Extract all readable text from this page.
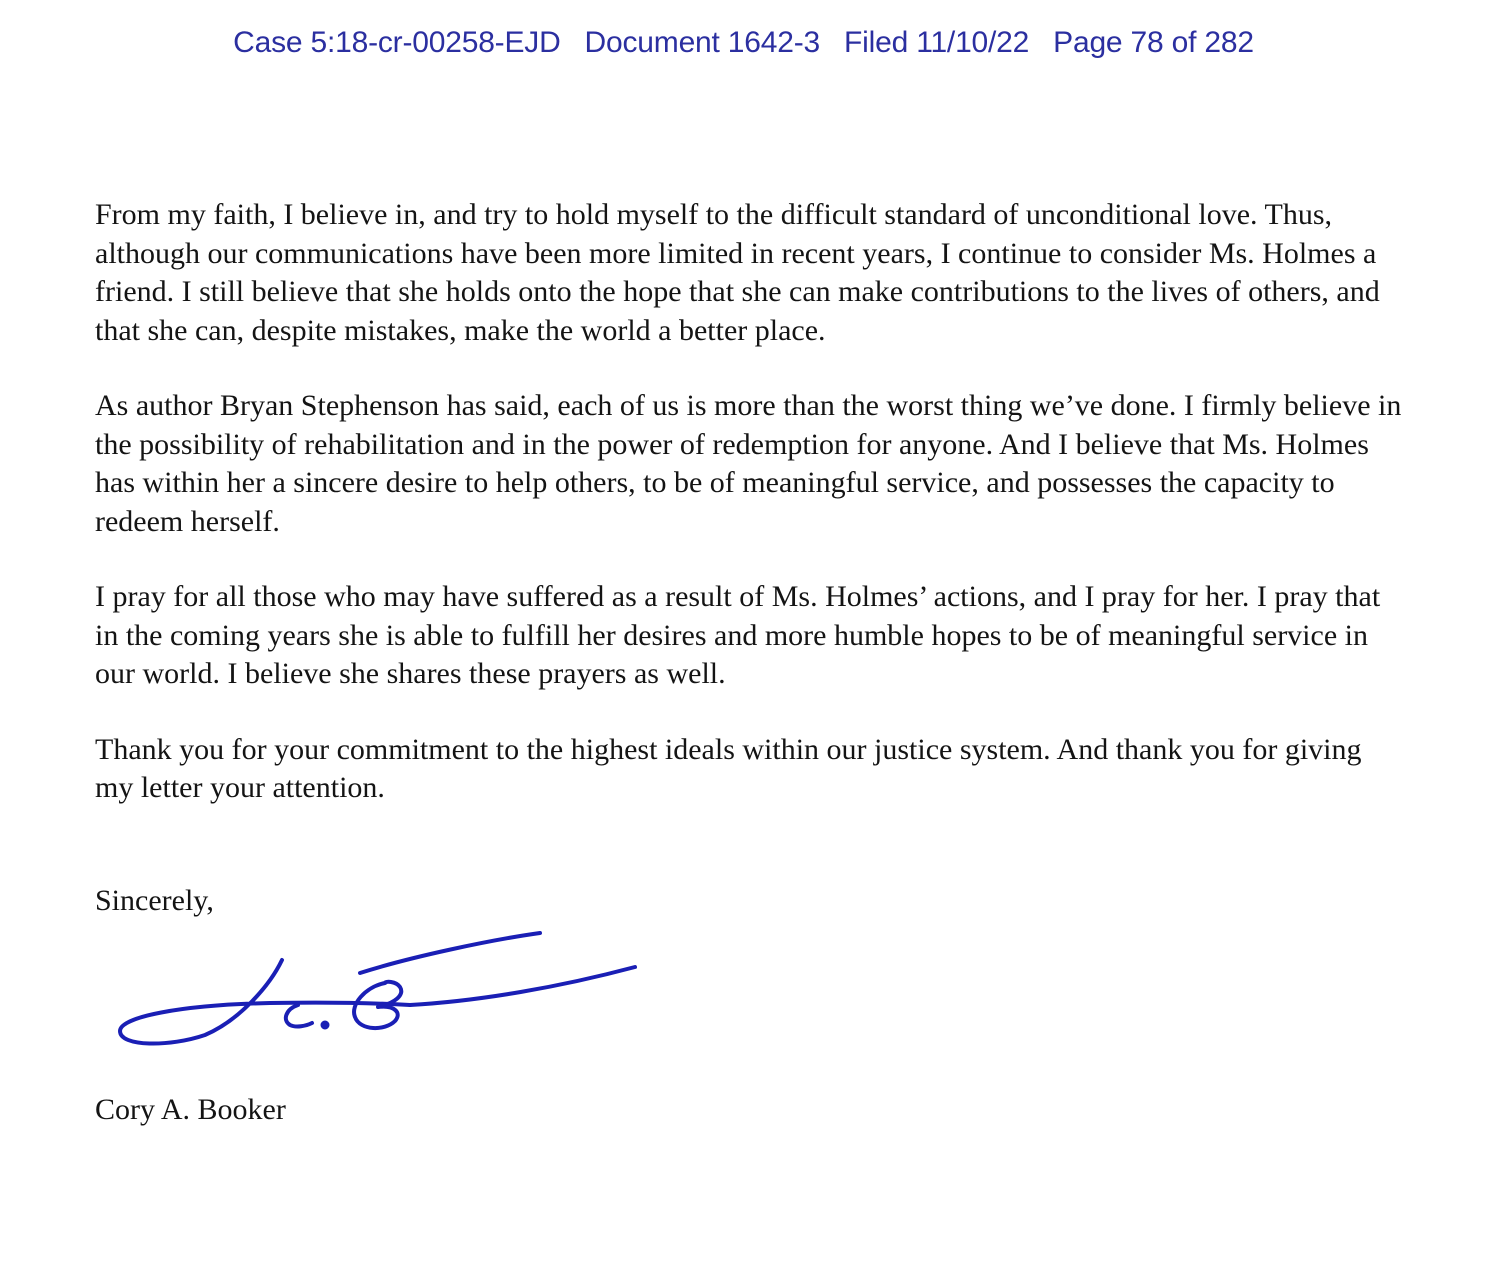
Case 5:18-cr-00258-EJD Document 1642-3 Filed 11/10/22 Page 78 of 282

From my faith, I believe in, and try to hold myself to the difficult standard of unconditional love. Thus, although our communications have been more limited in recent years, I continue to consider Ms. Holmes a friend. I still believe that she holds onto the hope that she can make contributions to the lives of others, and that she can, despite mistakes, make the world a better place.

As author Bryan Stephenson has said, each of us is more than the worst thing we’ve done. I firmly believe in the possibility of rehabilitation and in the power of redemption for anyone. And I believe that Ms. Holmes has within her a sincere desire to help others, to be of meaningful service, and possesses the capacity to redeem herself.

I pray for all those who may have suffered as a result of Ms. Holmes’ actions, and I pray for her. I pray that in the coming years she is able to fulfill her desires and more humble hopes to be of meaningful service in our world. I believe she shares these prayers as well.

Thank you for your commitment to the highest ideals within our justice system. And thank you for giving my letter your attention.

Sincerely,
Cory A. Booker
